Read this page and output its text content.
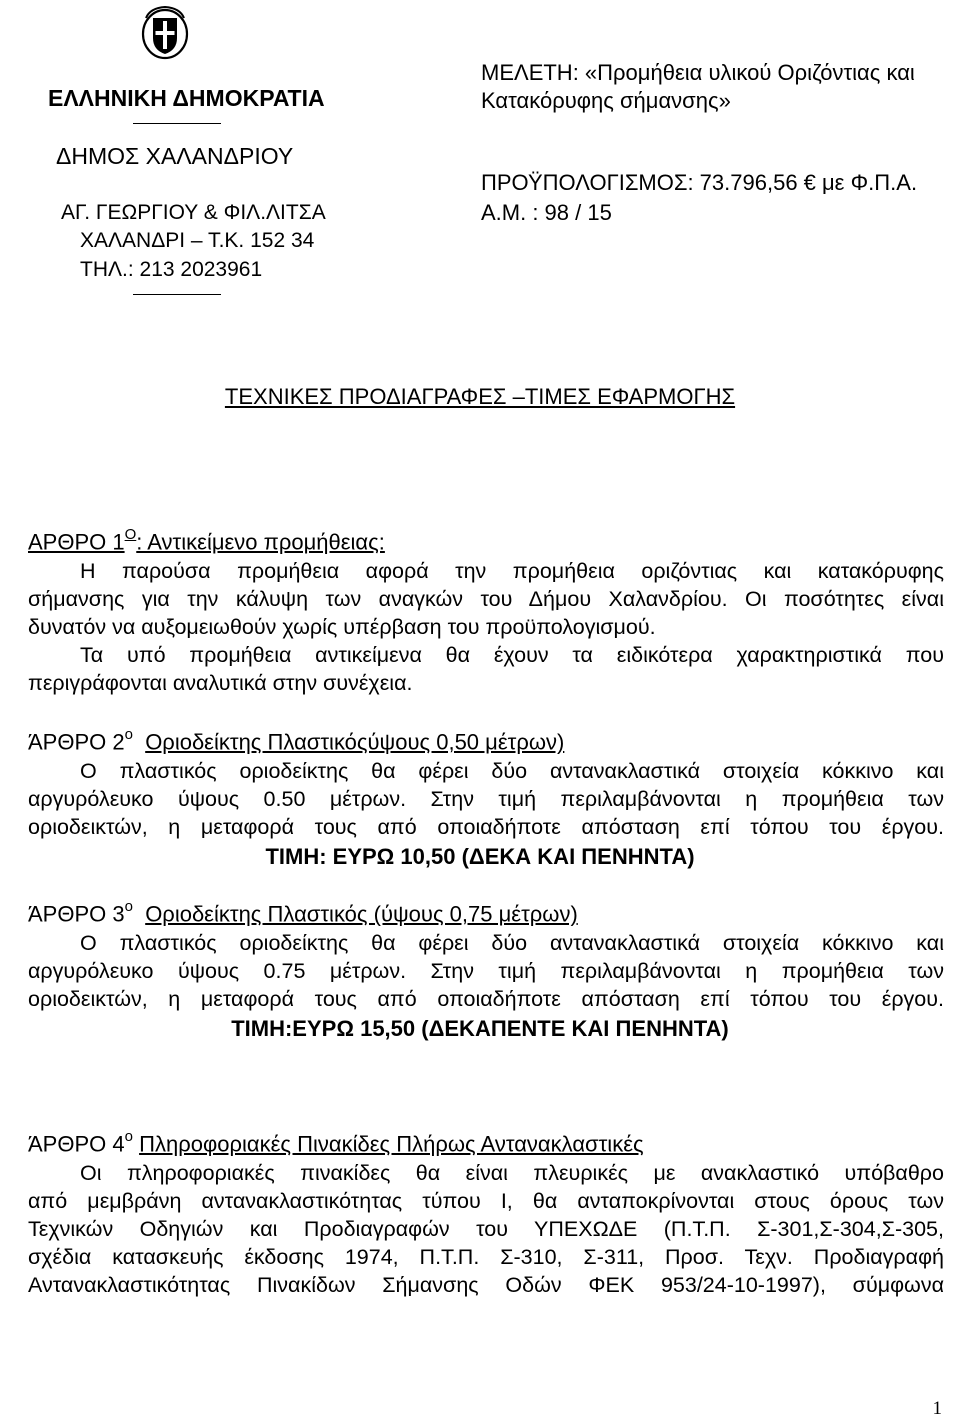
ΕΛΛΗΝΙΚΗ ΔΗΜΟΚΡΑΤΙΑ
ΔΗΜΟΣ ΧΑΛΑΝΔΡΙΟΥ
ΑΓ. ΓΕΩΡΓΙΟΥ & ΦΙΛ.ΛΙΤΣΑ
ΧΑΛΑΝΔΡΙ – Τ.Κ. 152 34
ΤΗΛ.: 213 2023961
ΜΕΛΕΤΗ: «Προμήθεια υλικού Οριζόντιας και
Κατακόρυφης σήμανσης»
ΠΡΟΫΠΟΛΟΓΙΣΜΟΣ: 73.796,56 € με Φ.Π.Α.
Α.Μ. : 98 / 15
ΤΕΧΝΙΚΕΣ ΠΡΟΔΙΑΓΡΑΦΕΣ –ΤΙΜΕΣ ΕΦΑΡΜΟΓΗΣ
ΑΡΘΡΟ $1^O$: Αντικείμενο προμήθειας:
Η παρούσα προμήθεια αφορά την προμήθεια οριζόντιας και κατακόρυφης
σήμανσης για την κάλυψη των αναγκών του Δήμου Χαλανδρίου. Οι ποσότητες είναι
δυνατόν να αυξομειωθούν χωρίς υπέρβαση του προϋπολογισμού.
Τα υπό προμήθεια αντικείμενα θα έχουν τα ειδικότερα χαρακτηριστικά που
περιγράφονται αναλυτικά στην συνέχεια.
ΆΡΘΡΟ $2^o$ Οριοδείκτης Πλαστικόςύψους 0,50 μέτρων)
Ο πλαστικός οριοδείκτης θα φέρει δύο αντανακλαστικά στοιχεία κόκκινο και
αργυρόλευκο ύψους 0.50 μέτρων. Στην τιμή περιλαμβάνονται η προμήθεια των
οριοδεικτών, η μεταφορά τους από οποιαδήποτε απόσταση επί τόπου του έργου.
ΤΙΜΗ: ΕΥΡΩ 10,50 (ΔΕΚΑ ΚΑΙ ΠΕΝΗΝΤΑ)
ΆΡΘΡΟ $3^o$ Οριοδείκτης Πλαστικός (ύψους 0,75 μέτρων)
Ο πλαστικός οριοδείκτης θα φέρει δύο αντανακλαστικά στοιχεία κόκκινο και
αργυρόλευκο ύψους 0.75 μέτρων. Στην τιμή περιλαμβάνονται η προμήθεια των
οριοδεικτών, η μεταφορά τους από οποιαδήποτε απόσταση επί τόπου του έργου.
ΤΙΜΗ:ΕΥΡΩ 15,50 (ΔΕΚΑΠΕΝΤΕ ΚΑΙ ΠΕΝΗΝΤΑ)
ΆΡΘΡΟ $4^o$ Πληροφοριακές Πινακίδες Πλήρως Αντανακλαστικές
Οι πληροφοριακές πινακίδες θα είναι πλευρικές με ανακλαστικό υπόβαθρο
από μεμβράνη αντανακλαστικότητας τύπου Ι, θα ανταποκρίνονται στους όρους των
Τεχνικών Οδηγιών και Προδιαγραφών του ΥΠΕΧΩΔΕ (Π.Τ.Π. Σ-301,Σ-304,Σ-305,
σχέδια κατασκευής έκδοσης 1974, Π.Τ.Π. Σ-310, Σ-311, Προσ. Τεχν. Προδιαγραφή
Αντανακλαστικότητας Πινακίδων Σήμανσης Οδών ΦΕΚ 953/24-10-1997), σύμφωνα
1
